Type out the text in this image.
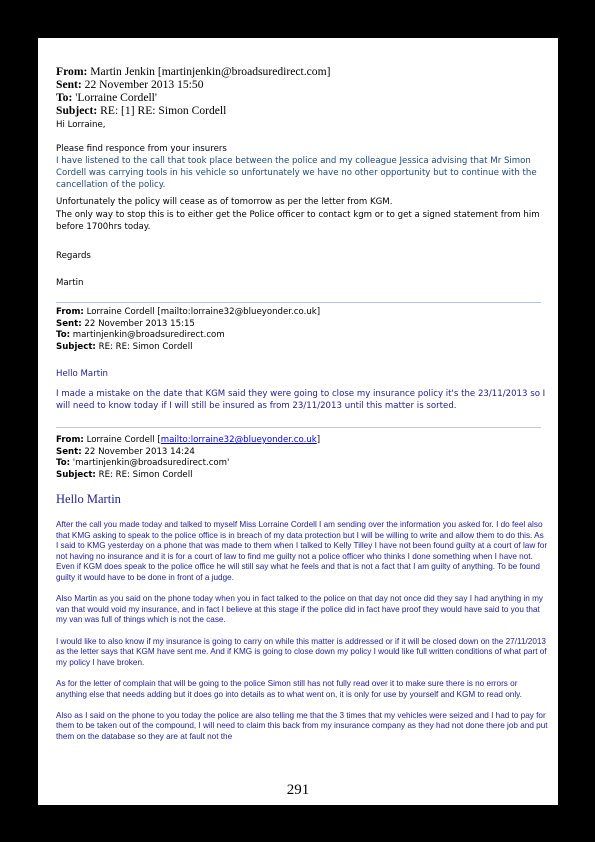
From: Martin Jenkin [martinjenkin@broadsuredirect.com]
Sent: 22 November 2013 15:50
To: 'Lorraine Cordell'
Subject: RE: [1] RE: Simon Cordell
Hi Lorraine,
Please find responce from your insurers
I have listened to the call that took place between the police and my colleague Jessica advising that Mr Simon Cordell was carrying tools in his vehicle so unfortunately we have no other opportunity but to continue with the cancellation of the policy.
Unfortunately the policy will cease as of tomorrow as per the letter from KGM.
The only way to stop this is to either get the Police officer to contact kgm or to get a signed statement from him before 1700hrs today.
Regards
Martin
From: Lorraine Cordell [mailto:lorraine32@blueyonder.co.uk]
Sent: 22 November 2013 15:15
To: martinjenkin@broadsuredirect.com
Subject: RE: RE: Simon Cordell
Hello Martin
I made a mistake on the date that KGM said they were going to close my insurance policy it's the 23/11/2013 so I will need to know today if I will still be insured as from 23/11/2013 until this matter is sorted.
From: Lorraine Cordell [mailto:lorraine32@blueyonder.co.uk]
Sent: 22 November 2013 14:24
To: 'martinjenkin@broadsuredirect.com'
Subject: RE: RE: Simon Cordell
Hello Martin

After the call you made today and talked to myself Miss Lorraine Cordell I am sending over the information you asked for. I do feel also that KMG asking to speak to the police office is in breach of my data protection but I will be willing to write and allow them to do this. As I said to KMG yesterday on a phone that was made to them when I talked to Kelly Tilley I have not been found guilty at a court of law for not having no insurance and it is for a court of law to find me guilty not a police officer who thinks I done something when I have not.
Even if KGM does speak to the police office he will still say what he feels and that is not a fact that I am guilty of anything. To be found guilty it would have to be done in front of a judge.

Also Martin as you said on the phone today when you in fact talked to the police on that day not once did they say I had anything in my van that would void my insurance, and in fact I believe at this stage if the police did in fact have proof they would have said to you that my van was full of things which is not the case.

I would like to also know if my insurance is going to carry on while this matter is addressed or if it will be closed down on the 27/11/2013 as the letter says that KGM have sent me. And if KMG is going to close down my policy I would like full written conditions of what part of my policy I have broken.

As for the letter of complain that will be going to the police Simon still has not fully read over it to make sure there is no errors or anything else that needs adding but it does go into details as to what went on, it is only for use by yourself and KGM to read only.

Also as I said on the phone to you today the police are also telling me that the 3 times that my vehicles were seized and I had to pay for them to be taken out of the compound, I will need to claim this back from my insurance company as they had not done there job and put them on the database so they are at fault not the

291
